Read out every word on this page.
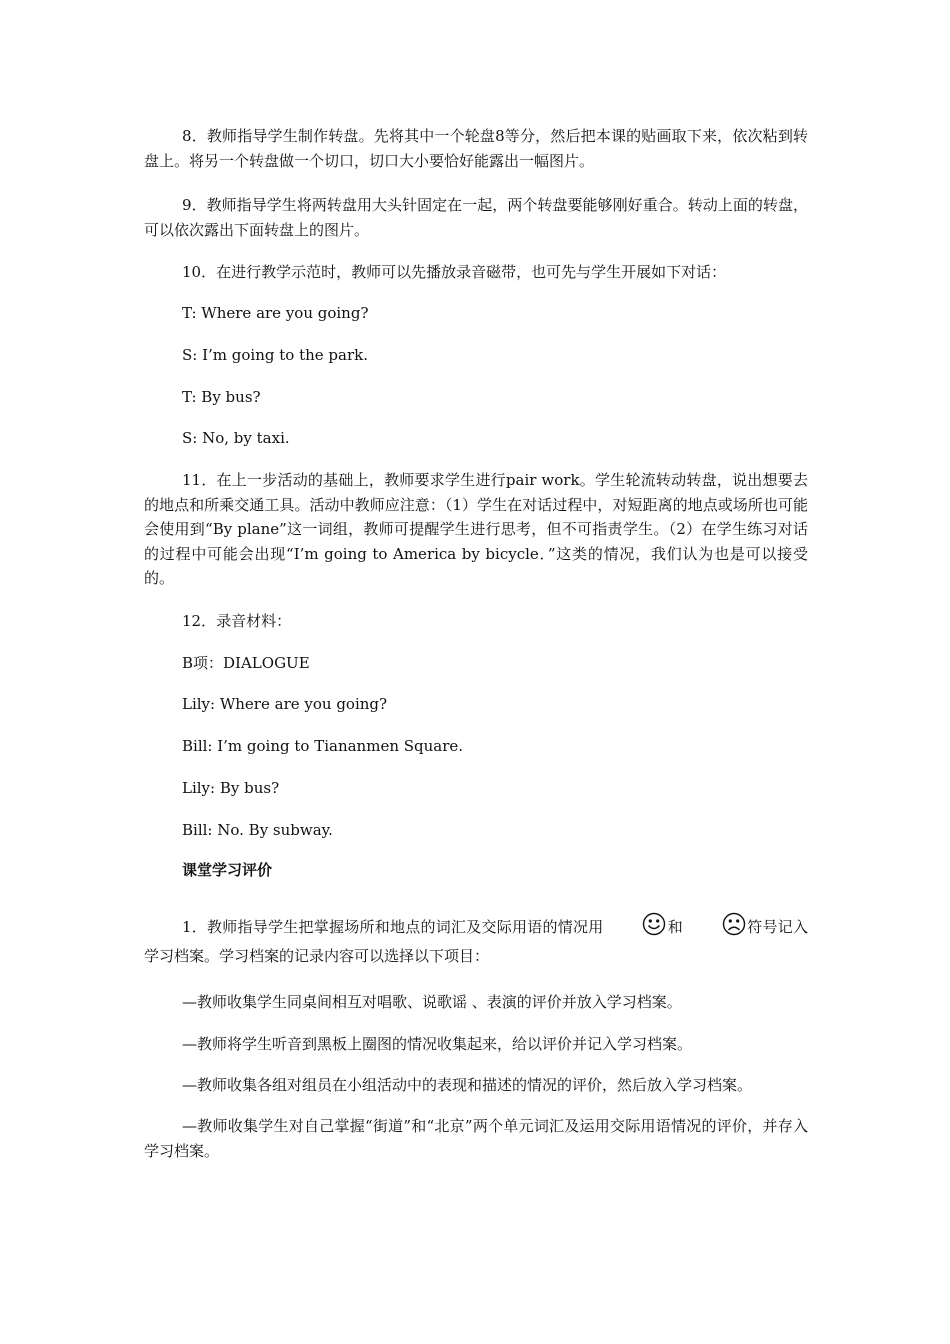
8．教师指导学生制作转盘。先将其中一个轮盘8等分，然后把本课的贴画取下来，依次粘到转盘上。将另一个转盘做一个切口，切口大小要恰好能露出一幅图片。

9．教师指导学生将两转盘用大头针固定在一起，两个转盘要能够刚好重合。转动上面的转盘，可以依次露出下面转盘上的图片。

10．在进行教学示范时，教师可以先播放录音磁带，也可先与学生开展如下对话：

T: Where are you going?

S: I’m going to the park.

T: By bus?

S: No, by taxi.

11．在上一步活动的基础上，教师要求学生进行pair work。学生轮流转动转盘，说出想要去的地点和所乘交通工具。活动中教师应注意：（1）学生在对话过程中，对短距离的地点或场所也可能会使用到“By plane”这一词组，教师可提醒学生进行思考，但不可指责学生。（2）在学生练习对话的过程中可能会出现“I’m going to America by bicycle．”这类的情况，我们认为也是可以接受的。

12．录音材料：

B项：DIALOGUE

Lily: Where are you going?

Bill: I’m going to Tiananmen Square.

Lily: By bus?

Bill: No. By subway.

课堂学习评价

1．教师指导学生把掌握场所和地点的词汇及交际用语的情况用	和	符号记入学习档案。学习档案的记录内容可以选择以下项目：

—教师收集学生同桌间相互对唱歌、说歌谣 、表演的评价并放入学习档案。

—教师将学生听音到黑板上圈图的情况收集起来，给以评价并记入学习档案。

—教师收集各组对组员在小组活动中的表现和描述的情况的评价，然后放入学习档案。

—教师收集学生对自己掌握“街道”和“北京”两个单元词汇及运用交际用语情况的评价，并存入学习档案。
